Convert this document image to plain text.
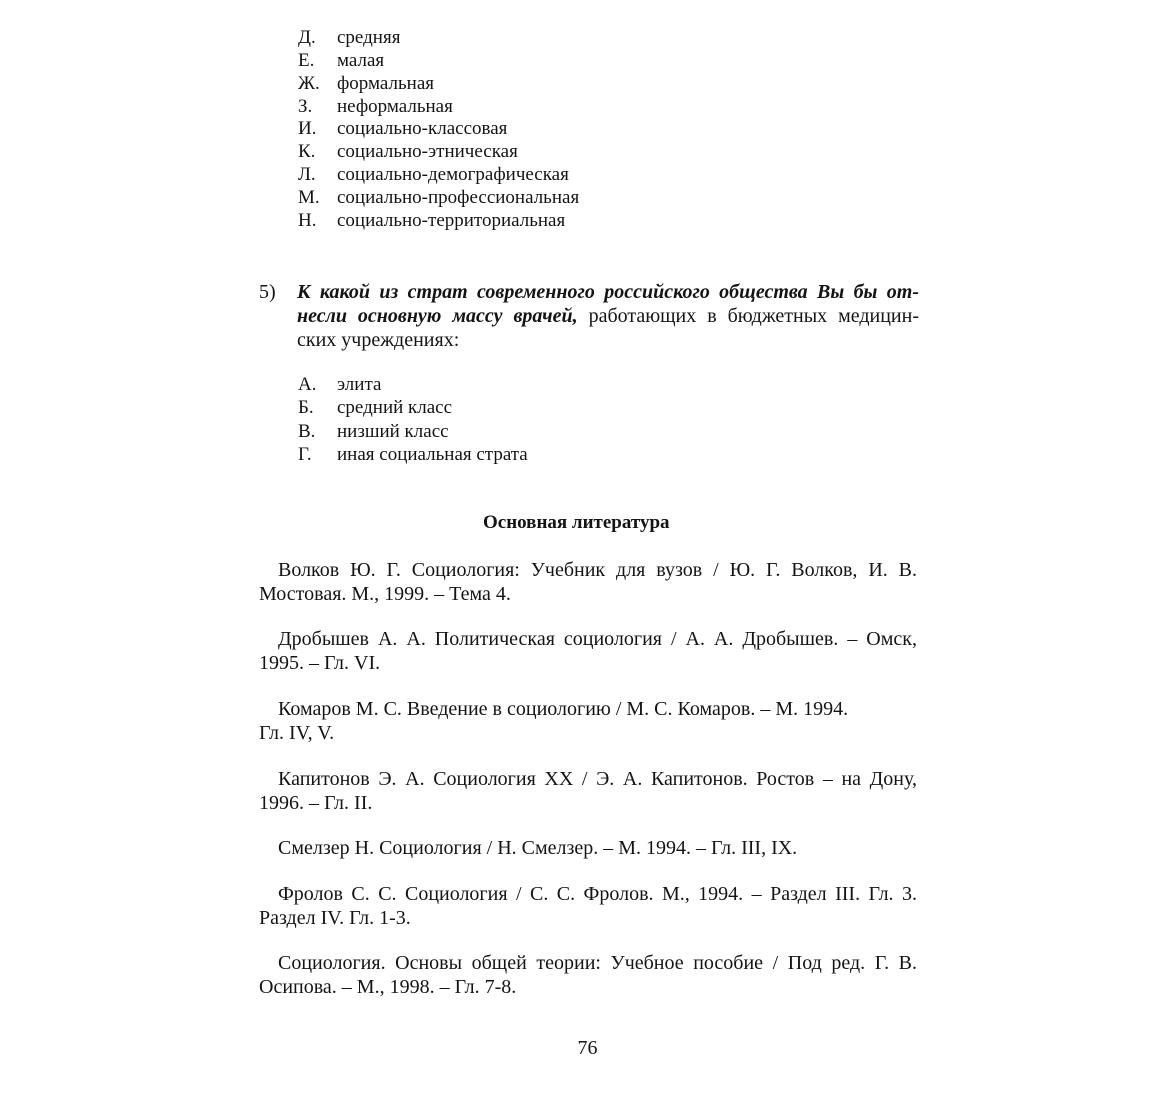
Д. средняя
Е. малая
Ж. формальная
З. неформальная
И. социально-классовая
К. социально-этническая
Л. социально-демографическая
М. социально-профессиональная
Н. социально-территориальная
5) К какой из страт современного российского общества Вы бы от-
несли основную массу врачей, работающих в бюджетных медицин-
ских учреждениях:
А. элита
Б. средний класс
В. низший класс
Г. иная социальная страта
Основная литература
Волков Ю. Г. Социология: Учебник для вузов / Ю. Г. Волков, И. В.
Мостовая. М., 1999. – Тема 4.
Дробышев А. А. Политическая социология / А. А. Дробышев. – Омск,
1995. – Гл. VI.
Комаров М. С. Введение в социологию / М. С. Комаров. – М. 1994.
Гл. IV, V.
Капитонов Э. А. Социология XX / Э. А. Капитонов. Ростов – на Дону,
1996. – Гл. II.
Смелзер Н. Социология / Н. Смелзер. – М. 1994. – Гл. III, IX.
Фролов С. С. Социология / С. С. Фролов. М., 1994. – Раздел III. Гл. 3.
Раздел IV. Гл. 1-3.
Социология. Основы общей теории: Учебное пособие / Под ред. Г. В.
Осипова. – М., 1998. – Гл. 7-8.
76
